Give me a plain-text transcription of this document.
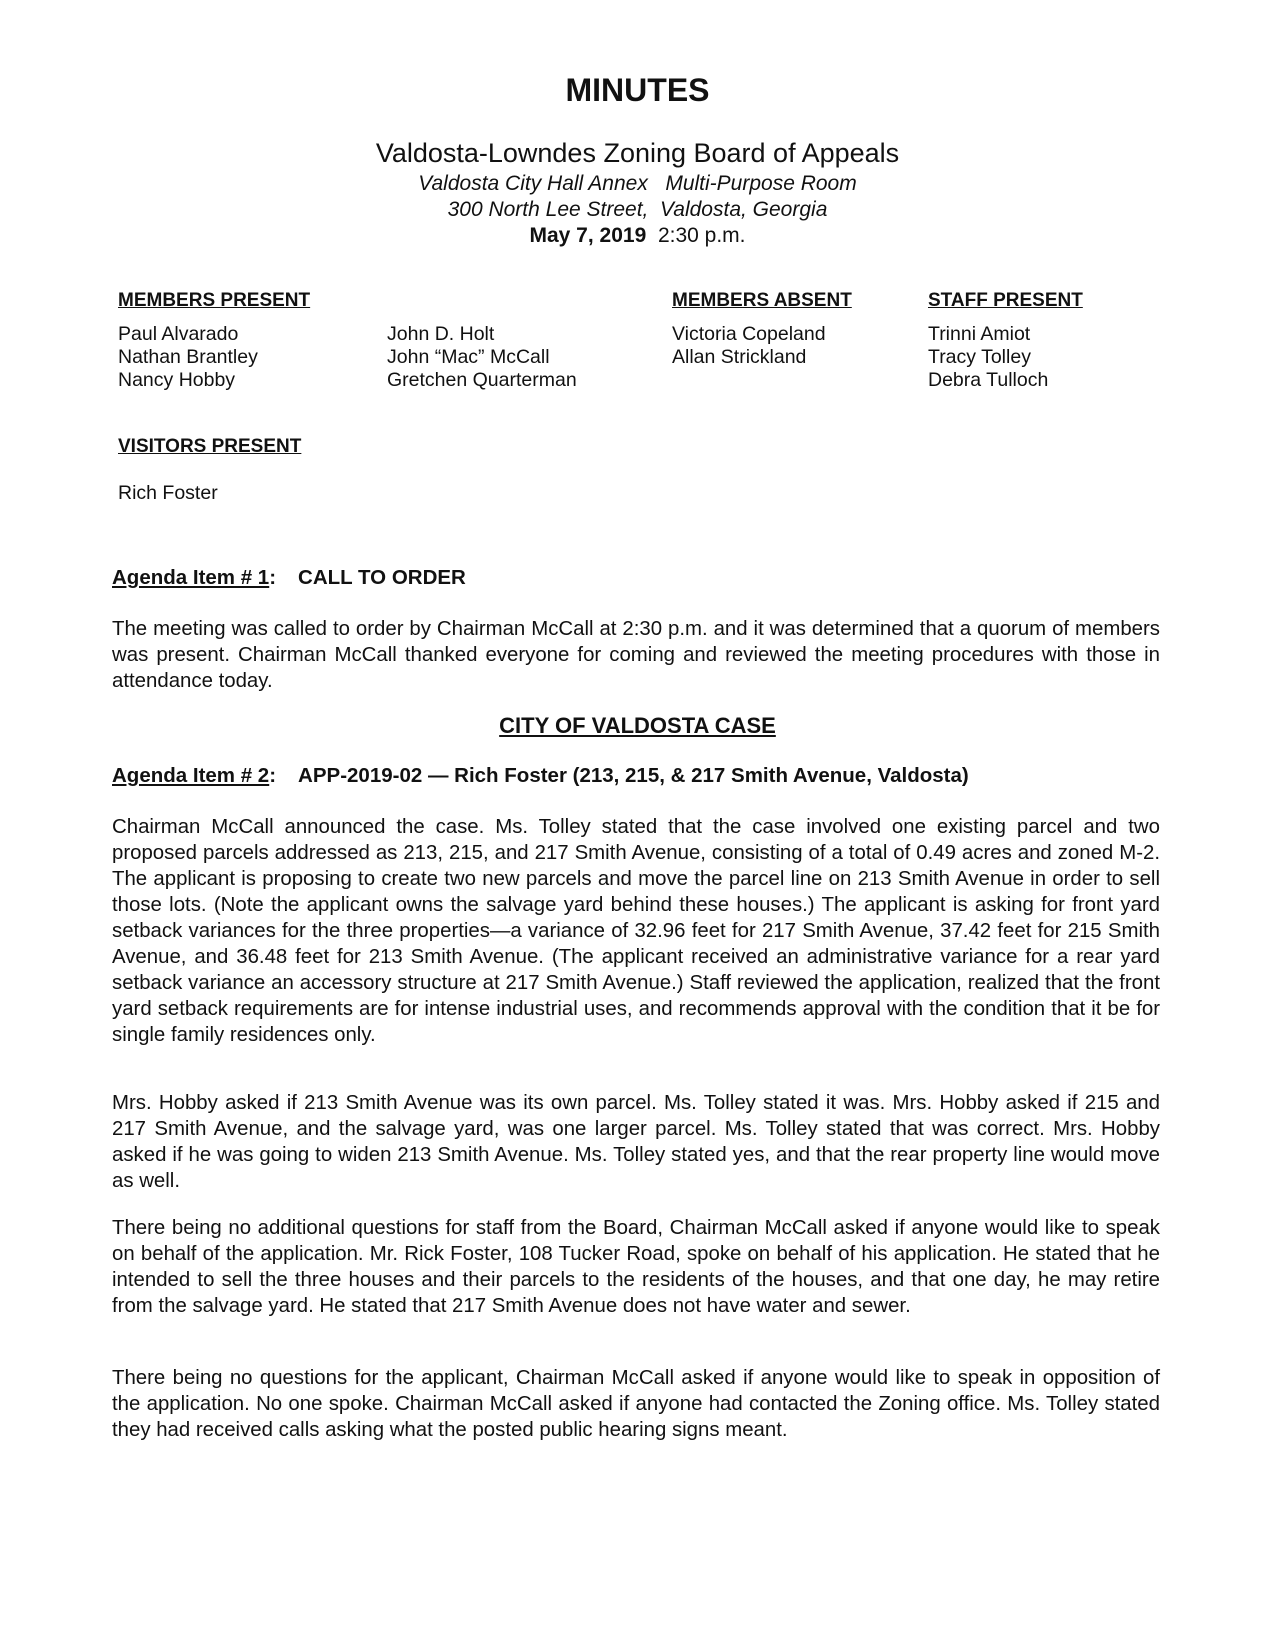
MINUTES
Valdosta-Lowndes Zoning Board of Appeals
Valdosta City Hall Annex   Multi-Purpose Room
300 North Lee Street,  Valdosta, Georgia
May 7, 2019 2:30 p.m.
MEMBERS PRESENT	MEMBERS ABSENT	STAFF PRESENT
Paul Alvarado
Nathan Brantley
Nancy Hobby
John D. Holt
John “Mac” McCall
Gretchen Quarterman
Victoria Copeland
Allan Strickland
Trinni Amiot
Tracy Tolley
Debra Tulloch
VISITORS PRESENT
Rich Foster
Agenda Item # 1: CALL TO ORDER

The meeting was called to order by Chairman McCall at 2:30 p.m. and it was determined that a quorum of members was present. Chairman McCall thanked everyone for coming and reviewed the meeting procedures with those in attendance today.

CITY OF VALDOSTA CASE
Agenda Item # 2: APP-2019-02 — Rich Foster (213, 215, & 217 Smith Avenue, Valdosta)

Chairman McCall announced the case. Ms. Tolley stated that the case involved one existing parcel and two proposed parcels addressed as 213, 215, and 217 Smith Avenue, consisting of a total of 0.49 acres and zoned M-2. The applicant is proposing to create two new parcels and move the parcel line on 213 Smith Avenue in order to sell those lots. (Note the applicant owns the salvage yard behind these houses.) The applicant is asking for front yard setback variances for the three properties—a variance of 32.96 feet for 217 Smith Avenue, 37.42 feet for 215 Smith Avenue, and 36.48 feet for 213 Smith Avenue. (The applicant received an administrative variance for a rear yard setback variance an accessory structure at 217 Smith Avenue.) Staff reviewed the application, realized that the front yard setback requirements are for intense industrial uses, and recommends approval with the condition that it be for single family residences only.

Mrs. Hobby asked if 213 Smith Avenue was its own parcel. Ms. Tolley stated it was. Mrs. Hobby asked if 215 and 217 Smith Avenue, and the salvage yard, was one larger parcel. Ms. Tolley stated that was correct. Mrs. Hobby asked if he was going to widen 213 Smith Avenue. Ms. Tolley stated yes, and that the rear property line would move as well.

There being no additional questions for staff from the Board, Chairman McCall asked if anyone would like to speak on behalf of the application. Mr. Rick Foster, 108 Tucker Road, spoke on behalf of his application. He stated that he intended to sell the three houses and their parcels to the residents of the houses, and that one day, he may retire from the salvage yard. He stated that 217 Smith Avenue does not have water and sewer.

There being no questions for the applicant, Chairman McCall asked if anyone would like to speak in opposition of the application. No one spoke. Chairman McCall asked if anyone had contacted the Zoning office. Ms. Tolley stated they had received calls asking what the posted public hearing signs meant.
